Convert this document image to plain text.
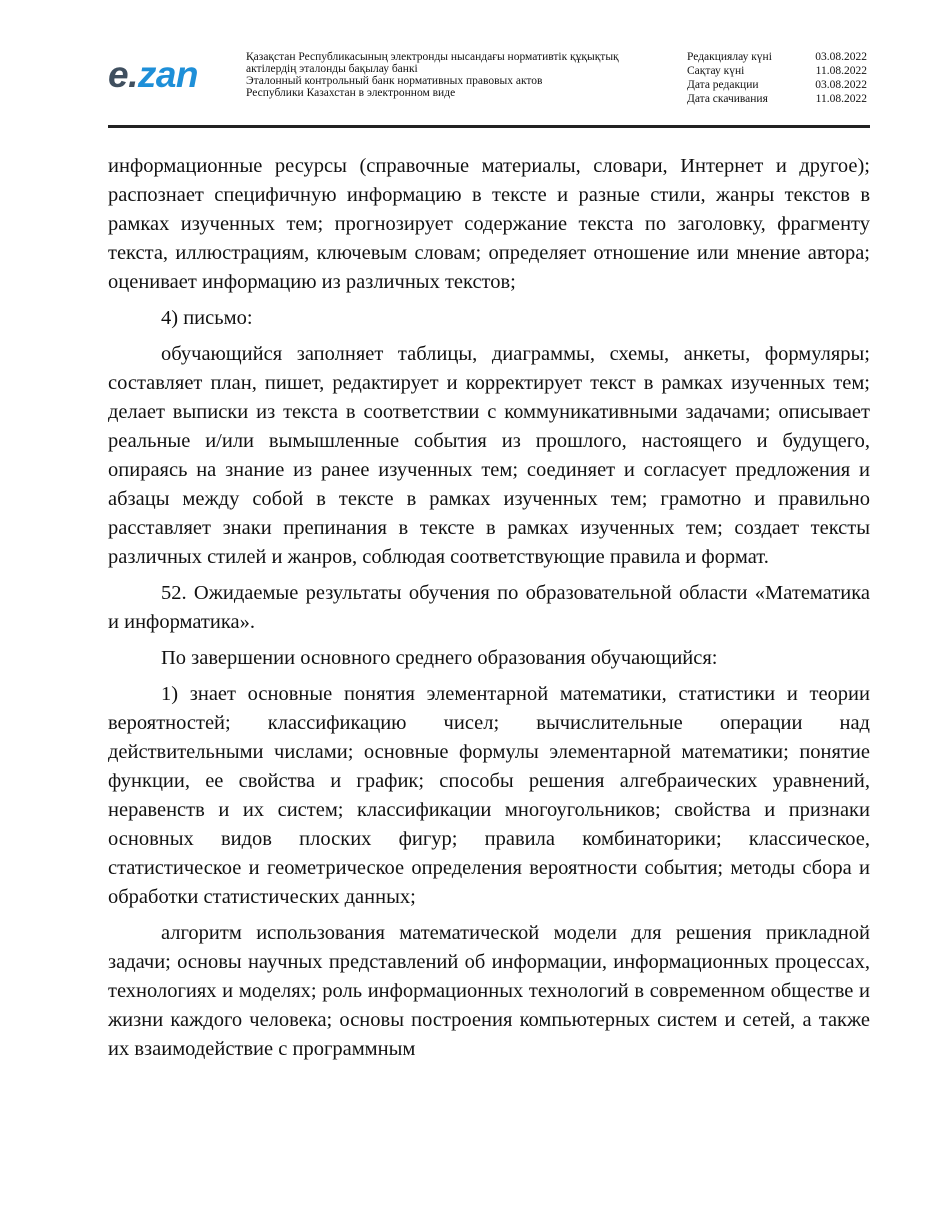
e.zan	Қазақстан Республикасының электронды нысандағы нормативтік құқықтық
актілердің эталонды бақылау банкі
Эталонный контрольный банк нормативных правовых актов
Республики Казахстан в электронном виде
Редакциялау күні	03.08.2022
Сақтау күні	11.08.2022
Дата редакции	03.08.2022
Дата скачивания	11.08.2022

информационные ресурсы (справочные материалы, словари, Интернет и другое); распознает специфичную информацию в тексте и разные стили, жанры текстов в рамках изученных тем; прогнозирует содержание текста по заголовку, фрагменту текста, иллюстрациям, ключевым словам; определяет отношение или мнение автора; оценивает информацию из различных текстов;

4) письмо:

обучающийся заполняет таблицы, диаграммы, схемы, анкеты, формуляры; составляет план, пишет, редактирует и корректирует текст в рамках изученных тем; делает выписки из текста в соответствии с коммуникативными задачами; описывает реальные и/или вымышленные события из прошлого, настоящего и будущего, опираясь на знание из ранее изученных тем; соединяет и согласует предложения и абзацы между собой в тексте в рамках изученных тем; грамотно и правильно расставляет знаки препинания в тексте в рамках изученных тем; создает тексты различных стилей и жанров, соблюдая соответствующие правила и формат.

52. Ожидаемые результаты обучения по образовательной области «Математика и информатика».

По завершении основного среднего образования обучающийся:

1) знает основные понятия элементарной математики, статистики и теории вероятностей; классификацию чисел; вычислительные операции над действительными числами; основные формулы элементарной математики; понятие функции, ее свойства и график; способы решения алгебраических уравнений, неравенств и их систем; классификации многоугольников; свойства и признаки основных видов плоских фигур; правила комбинаторики; классическое, статистическое и геометрическое определения вероятности события; методы сбора и обработки статистических данных;

алгоритм использования математической модели для решения прикладной задачи; основы научных представлений об информации, информационных процессах, технологиях и моделях; роль информационных технологий в современном обществе и жизни каждого человека; основы построения компьютерных систем и сетей, а также их взаимодействие с программным
